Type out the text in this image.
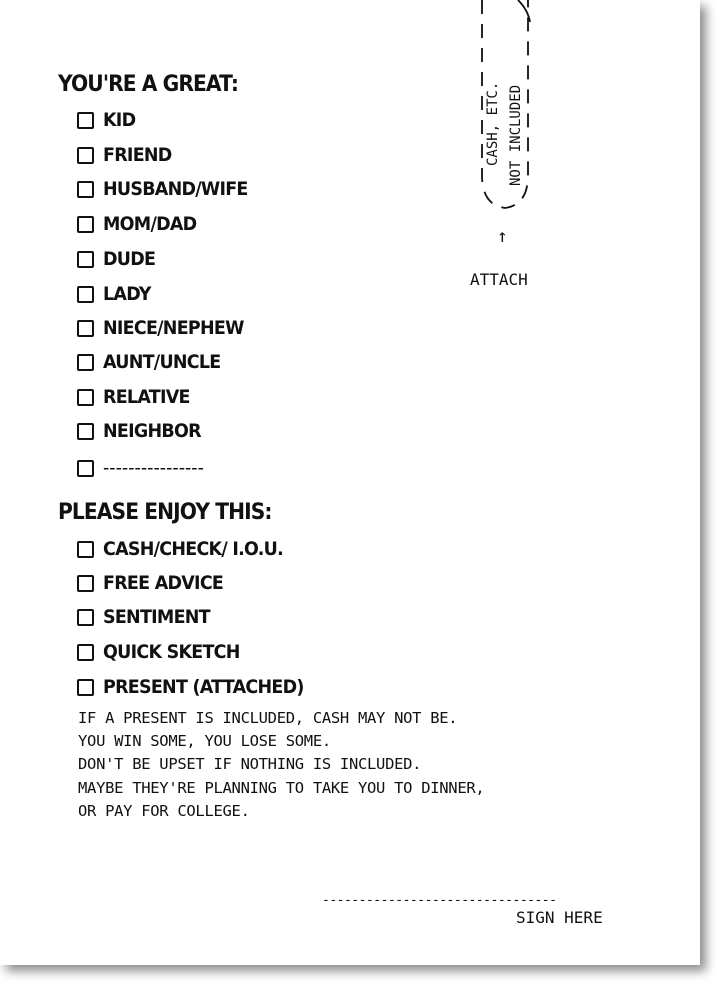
YOU'RE A GREAT:
KID
FRIEND
HUSBAND/WIFE
MOM/DAD
DUDE
LADY
NIECE/NEPHEW
AUNT/UNCLE
RELATIVE
NEIGHBOR
----------------
PLEASE ENJOY THIS:
CASH/CHECK/ I.O.U.
FREE ADVICE
SENTIMENT
QUICK SKETCH
PRESENT (ATTACHED)
IF A PRESENT IS INCLUDED, CASH MAY NOT BE.
YOU WIN SOME, YOU LOSE SOME.
DON'T BE UPSET IF NOTHING IS INCLUDED.
MAYBE THEY'RE PLANNING TO TAKE YOU TO DINNER,
OR PAY FOR COLLEGE.
CASH, ETC. NOT INCLUDED
↑
ATTACH
--------------------------------
SIGN HERE
